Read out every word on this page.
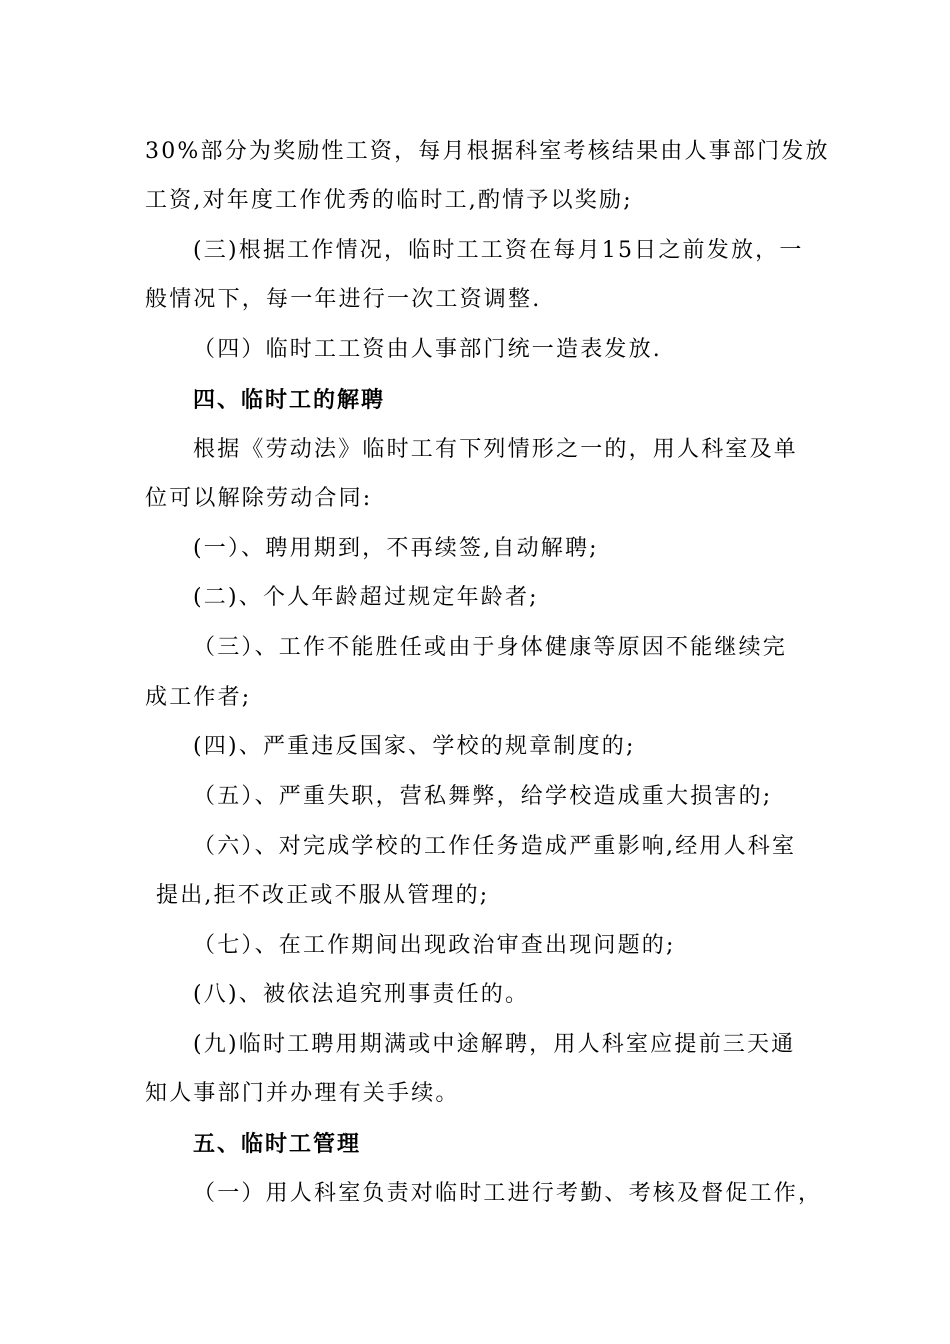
30%部分为奖励性工资，每月根据科室考核结果由人事部门发放
工资,对年度工作优秀的临时工,酌情予以奖励;
(三)根据工作情况，临时工工资在每月15日之前发放，一
般情况下，每一年进行一次工资调整.
（四）临时工工资由人事部门统一造表发放.
四、临时工的解聘
根据《劳动法》临时工有下列情形之一的，用人科室及单
位可以解除劳动合同:
(一）、聘用期到，不再续签,自动解聘;
(二)、个人年龄超过规定年龄者;
（三）、工作不能胜任或由于身体健康等原因不能继续完
成工作者;
(四)、严重违反国家、学校的规章制度的;
（五）、严重失职，营私舞弊，给学校造成重大损害的;
（六）、对完成学校的工作任务造成严重影响,经用人科室
提出,拒不改正或不服从管理的;
（七）、在工作期间出现政治审查出现问题的;
(八)、被依法追究刑事责任的。
(九)临时工聘用期满或中途解聘，用人科室应提前三天通
知人事部门并办理有关手续。
五、临时工管理
（一）用人科室负责对临时工进行考勤、考核及督促工作，
